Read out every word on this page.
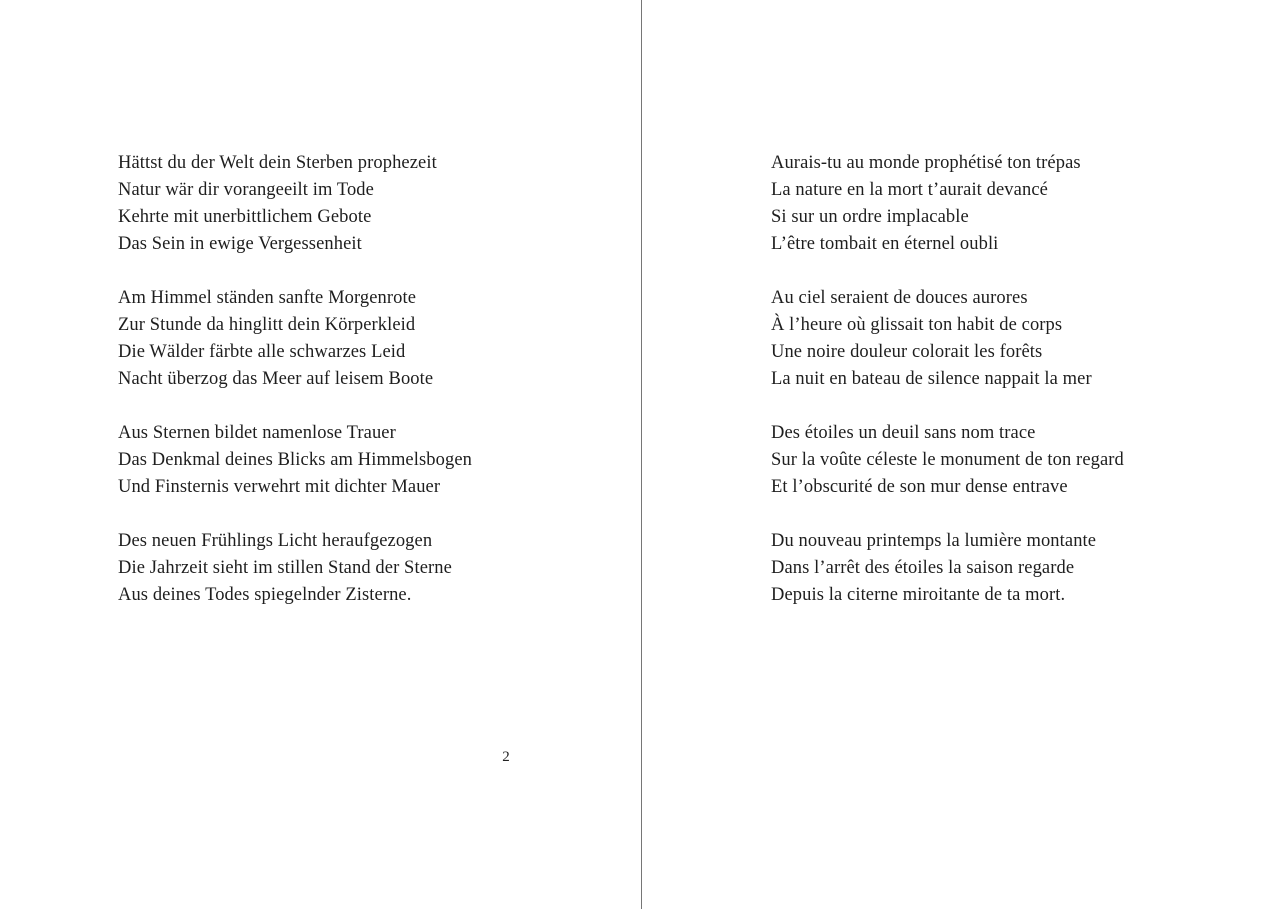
Hättst du der Welt dein Sterben prophezeit
Natur wär dir vorangeeilt im Tode
Kehrte mit unerbittlichem Gebote
Das Sein in ewige Vergessenheit

Am Himmel ständen sanfte Morgenrote
Zur Stunde da hinglitt dein Körperkleid
Die Wälder färbte alle schwarzes Leid
Nacht überzog das Meer auf leisem Boote

Aus Sternen bildet namenlose Trauer
Das Denkmal deines Blicks am Himmelsbogen
Und Finsternis verwehrt mit dichter Mauer

Des neuen Frühlings Licht heraufgezogen
Die Jahrzeit sieht im stillen Stand der Sterne
Aus deines Todes spiegelnder Zisterne.

2

Aurais-tu au monde prophétisé ton trépas
La nature en la mort t’aurait devancé
Si sur un ordre implacable
L’être tombait en éternel oubli

Au ciel seraient de douces aurores
À l’heure où glissait ton habit de corps
Une noire douleur colorait les forêts
La nuit en bateau de silence nappait la mer

Des étoiles un deuil sans nom trace
Sur la voûte céleste le monument de ton regard
Et l’obscurité de son mur dense entrave

Du nouveau printemps la lumière montante
Dans l’arrêt des étoiles la saison regarde
Depuis la citerne miroitante de ta mort.
